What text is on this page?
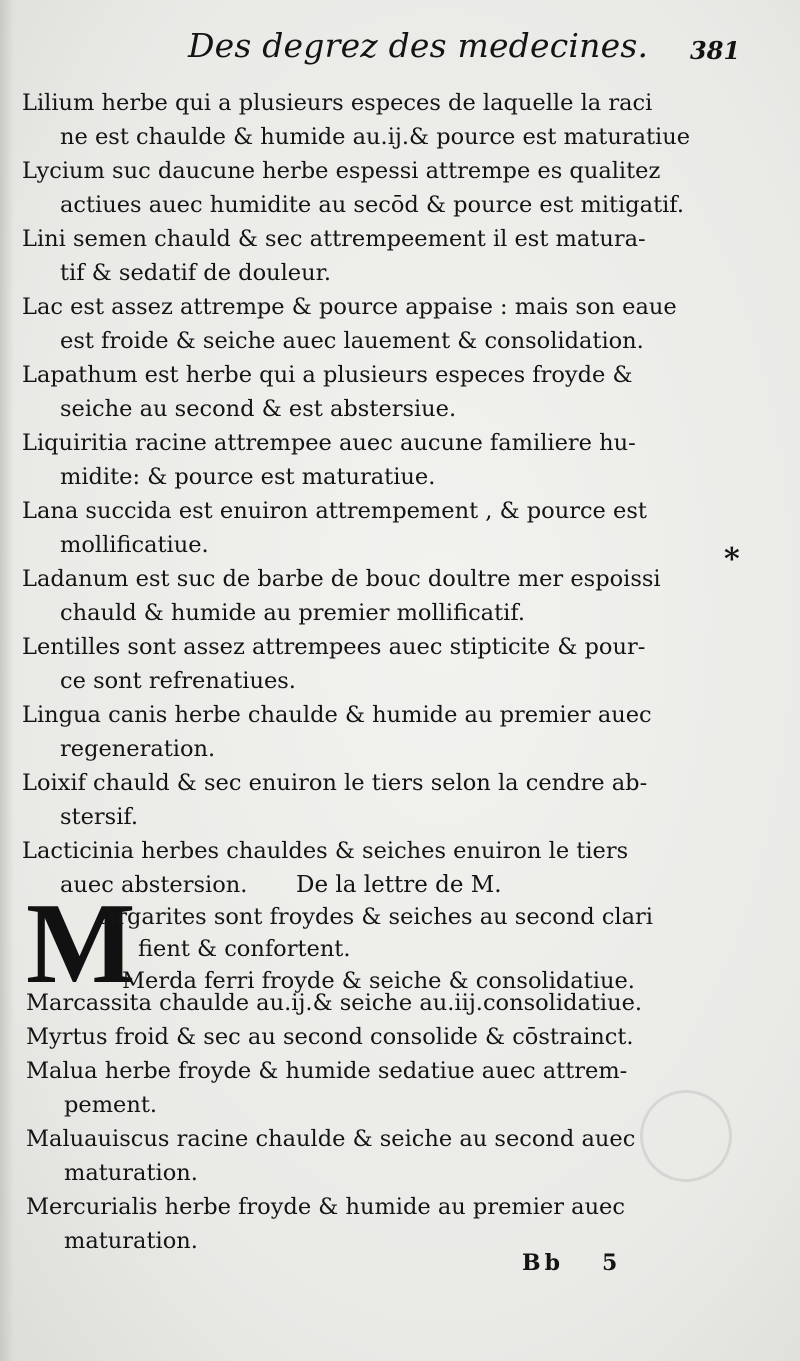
Des degrez des medecines. 381
Lilium herbe qui a plusieurs especes de laquelle la raci
ne est chaulde & humide au.ij.& pource est maturatiue
Lycium suc daucune herbe espessi attrempe es qualitez
actiues auec humidite au secōd & pource est mitigatif.
Lini semen chauld & sec attrempeement il est matura-
tif & sedatif de douleur.
Lac est assez attrempe & pource appaise : mais son eaue
est froide & seiche auec lauement & consolidation.
Lapathum est herbe qui a plusieurs especes froyde &
seiche au second & est abstersiue.
Liquiritia racine attrempee auec aucune familiere hu-
midite: & pource est maturatiue.
Lana succida est enuiron attrempement , & pource est
mollificatiue.
Ladanum est suc de barbe de bouc doultre mer espoissi
chauld & humide au premier mollificatif.
Lentilles sont assez attrempees auec stipticite & pour-
ce sont refrenatiues.
Lingua canis herbe chaulde & humide au premier auec
regeneration.
Loixif chauld & sec enuiron le tiers selon la cendre ab-
stersif.
Lacticinia herbes chauldes & seiches enuiron le tiers
auec abstersion.
*
De la lettre de M.
M
Argarites sont froydes & seiches au second clari
fient & confortent.
Merda ferri froyde & seiche & consolidatiue.
Marcassita chaulde au.ij.& seiche au.iij.consolidatiue.
Myrtus froid & sec au second consolide & cōstrainct.
Malua herbe froyde & humide sedatiue auec attrem-
pement.
Maluauiscus racine chaulde & seiche au second auec
maturation.
Mercurialis herbe froyde & humide au premier auec
maturation.
Bb 5
